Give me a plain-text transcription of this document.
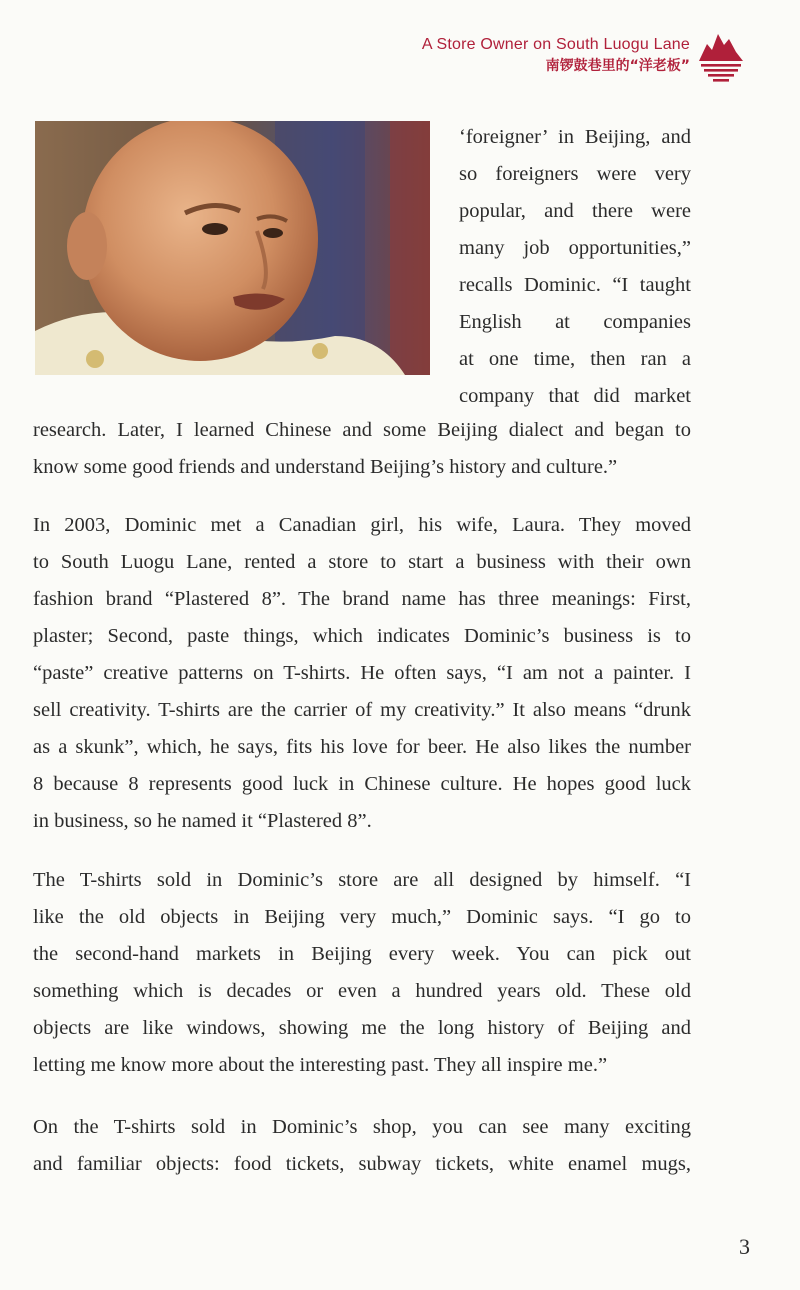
A Store Owner on South Luogu Lane
南锣鼓巷里的“洋老板”
‘foreigner’ in Beijing, and
so foreigners were very
popular, and there were
many job opportunities,”
recalls Dominic. “I taught
English at companies
at one time, then ran a
company that did market
research. Later, I learned Chinese and some Beijing dialect and began to
know some good friends and understand Beijing’s history and culture.”
In 2003, Dominic met a Canadian girl, his wife, Laura. They moved
to South Luogu Lane, rented a store to start a business with their own
fashion brand “Plastered 8”. The brand name has three meanings: First,
plaster; Second, paste things, which indicates Dominic’s business is to
“paste” creative patterns on T-shirts. He often says, “I am not a painter. I
sell creativity. T-shirts are the carrier of my creativity.” It also means “drunk
as a skunk”, which, he says, fits his love for beer. He also likes the number
8 because 8 represents good luck in Chinese culture. He hopes good luck
in business, so he named it “Plastered 8”.
The T-shirts sold in Dominic’s store are all designed by himself. “I
like the old objects in Beijing very much,” Dominic says. “I go to
the second-hand markets in Beijing every week. You can pick out
something which is decades or even a hundred years old. These old
objects are like windows, showing me the long history of Beijing and
letting me know more about the interesting past. They all inspire me.”
On the T-shirts sold in Dominic’s shop, you can see many exciting
and familiar objects: food tickets, subway tickets, white enamel mugs,
3
